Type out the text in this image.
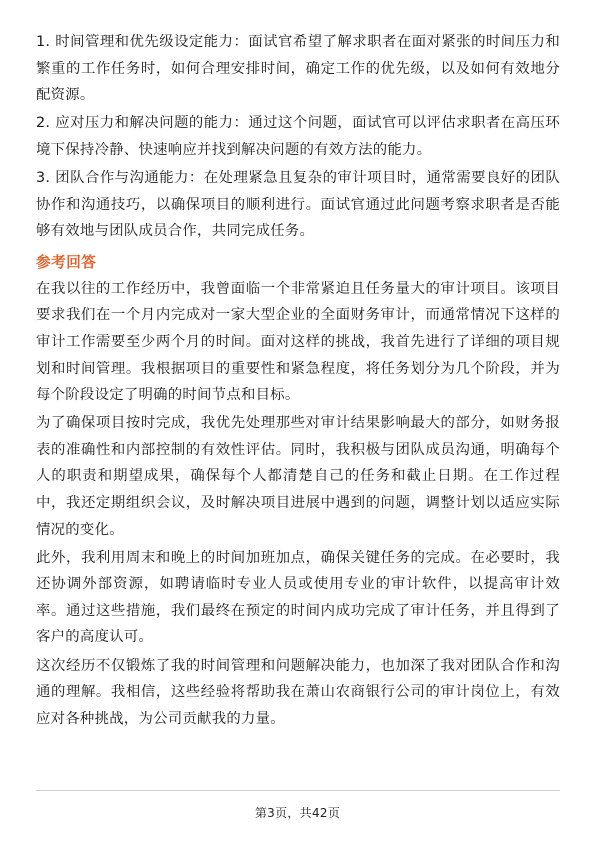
1. 时间管理和优先级设定能力：面试官希望了解求职者在面对紧张的时间压力和繁重的工作任务时，如何合理安排时间，确定工作的优先级，以及如何有效地分配资源。

2. 应对压力和解决问题的能力：通过这个问题，面试官可以评估求职者在高压环境下保持冷静、快速响应并找到解决问题的有效方法的能力。

3. 团队合作与沟通能力：在处理紧急且复杂的审计项目时，通常需要良好的团队协作和沟通技巧，以确保项目的顺利进行。面试官通过此问题考察求职者是否能够有效地与团队成员合作，共同完成任务。

参考回答

在我以往的工作经历中，我曾面临一个非常紧迫且任务量大的审计项目。该项目要求我们在一个月内完成对一家大型企业的全面财务审计，而通常情况下这样的审计工作需要至少两个月的时间。面对这样的挑战，我首先进行了详细的项目规划和时间管理。我根据项目的重要性和紧急程度，将任务划分为几个阶段，并为每个阶段设定了明确的时间节点和目标。

为了确保项目按时完成，我优先处理那些对审计结果影响最大的部分，如财务报表的准确性和内部控制的有效性评估。同时，我积极与团队成员沟通，明确每个人的职责和期望成果，确保每个人都清楚自己的任务和截止日期。在工作过程中，我还定期组织会议，及时解决项目进展中遇到的问题，调整计划以适应实际情况的变化。

此外，我利用周末和晚上的时间加班加点，确保关键任务的完成。在必要时，我还协调外部资源，如聘请临时专业人员或使用专业的审计软件，以提高审计效率。通过这些措施，我们最终在预定的时间内成功完成了审计任务，并且得到了客户的高度认可。

这次经历不仅锻炼了我的时间管理和问题解决能力，也加深了我对团队合作和沟通的理解。我相信，这些经验将帮助我在萧山农商银行公司的审计岗位上，有效应对各种挑战，为公司贡献我的力量。

第3页，共42页
